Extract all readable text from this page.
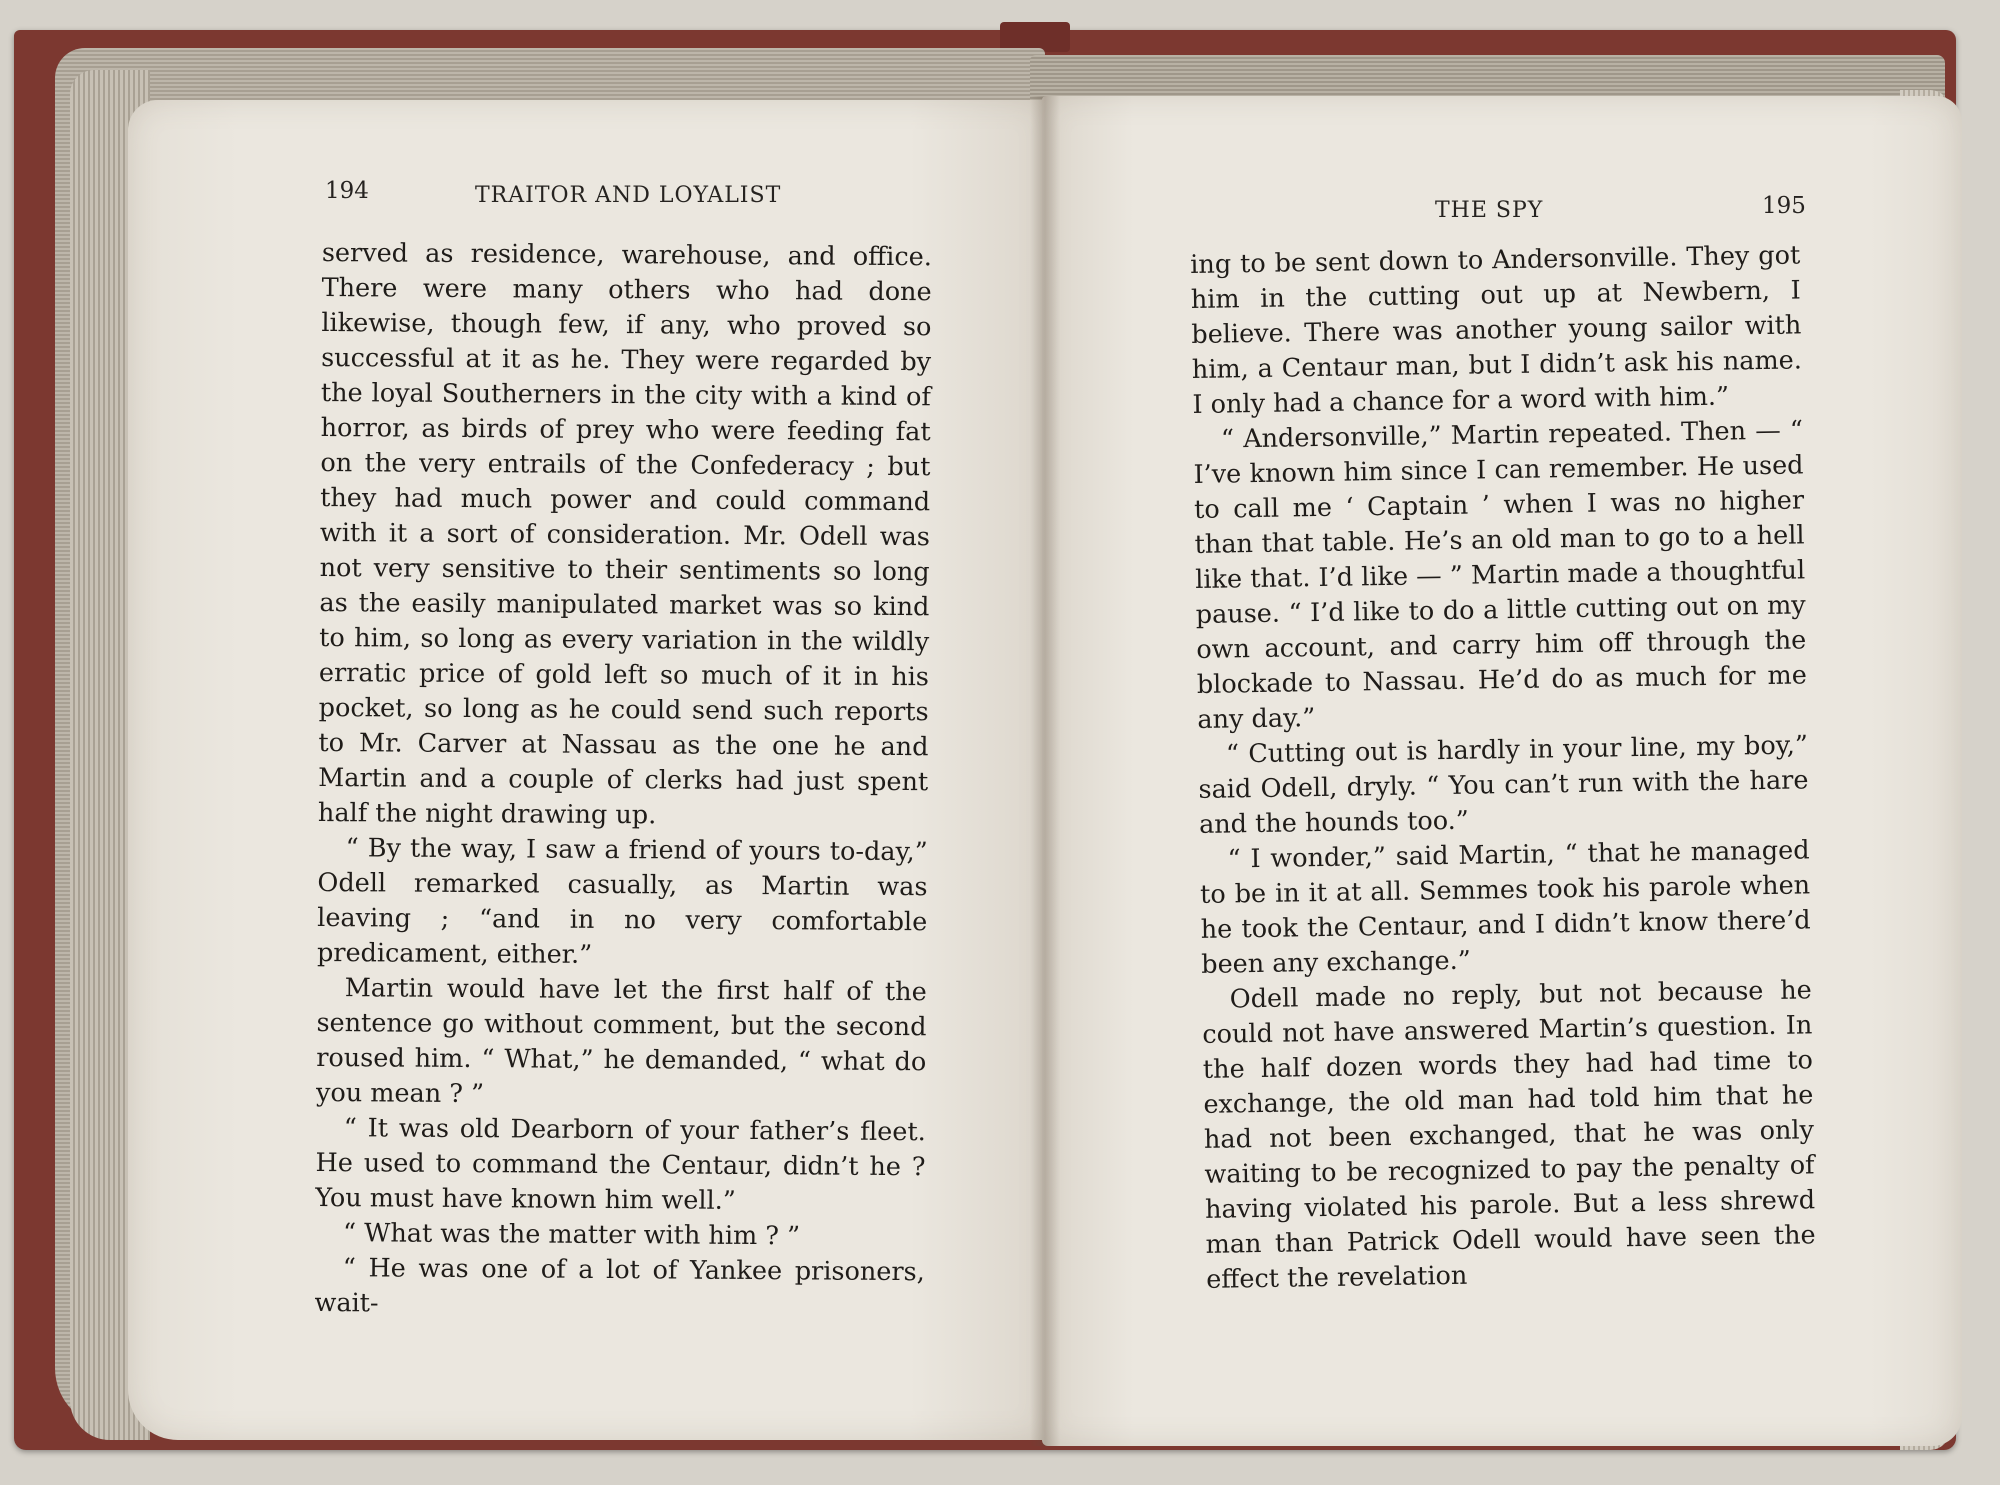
194	TRAITOR AND LOYALIST
THE SPY	195

served as residence, warehouse, and office. There were many others who had done likewise, though few, if any, who proved so successful at it as he. They were regarded by the loyal Southerners in the city with a kind of horror, as birds of prey who were feeding fat on the very entrails of the Confederacy ; but they had much power and could command with it a sort of consideration. Mr. Odell was not very sensitive to their sentiments so long as the easily manipulated market was so kind to him, so long as every variation in the wildly erratic price of gold left so much of it in his pocket, so long as he could send such reports to Mr. Carver at Nassau as the one he and Martin and a couple of clerks had just spent half the night drawing up.

“ By the way, I saw a friend of yours to-day,” Odell remarked casually, as Martin was leaving ; “and in no very comfortable predicament, either.”

Martin would have let the first half of the sentence go without comment, but the second roused him. “ What,” he demanded, “ what do you mean ? ”

“ It was old Dearborn of your father’s fleet. He used to command the Centaur, didn’t he ? You must have known him well.”

“ What was the matter with him ? ”

“ He was one of a lot of Yankee prisoners, wait-

ing to be sent down to Andersonville. They got him in the cutting out up at Newbern, I believe. There was another young sailor with him, a Centaur man, but I didn’t ask his name. I only had a chance for a word with him.”

“ Andersonville,” Martin repeated. Then — “ I’ve known him since I can remember. He used to call me ‘ Captain ’ when I was no higher than that table. He’s an old man to go to a hell like that. I’d like — ” Martin made a thoughtful pause. “ I’d like to do a little cutting out on my own account, and carry him off through the blockade to Nassau. He’d do as much for me any day.”

“ Cutting out is hardly in your line, my boy,” said Odell, dryly. “ You can’t run with the hare and the hounds too.”

“ I wonder,” said Martin, “ that he managed to be in it at all. Semmes took his parole when he took the Centaur, and I didn’t know there’d been any exchange.”

Odell made no reply, but not because he could not have answered Martin’s question. In the half dozen words they had had time to exchange, the old man had told him that he had not been exchanged, that he was only waiting to be recognized to pay the penalty of having violated his parole. But a less shrewd man than Patrick Odell would have seen the effect the revelation
